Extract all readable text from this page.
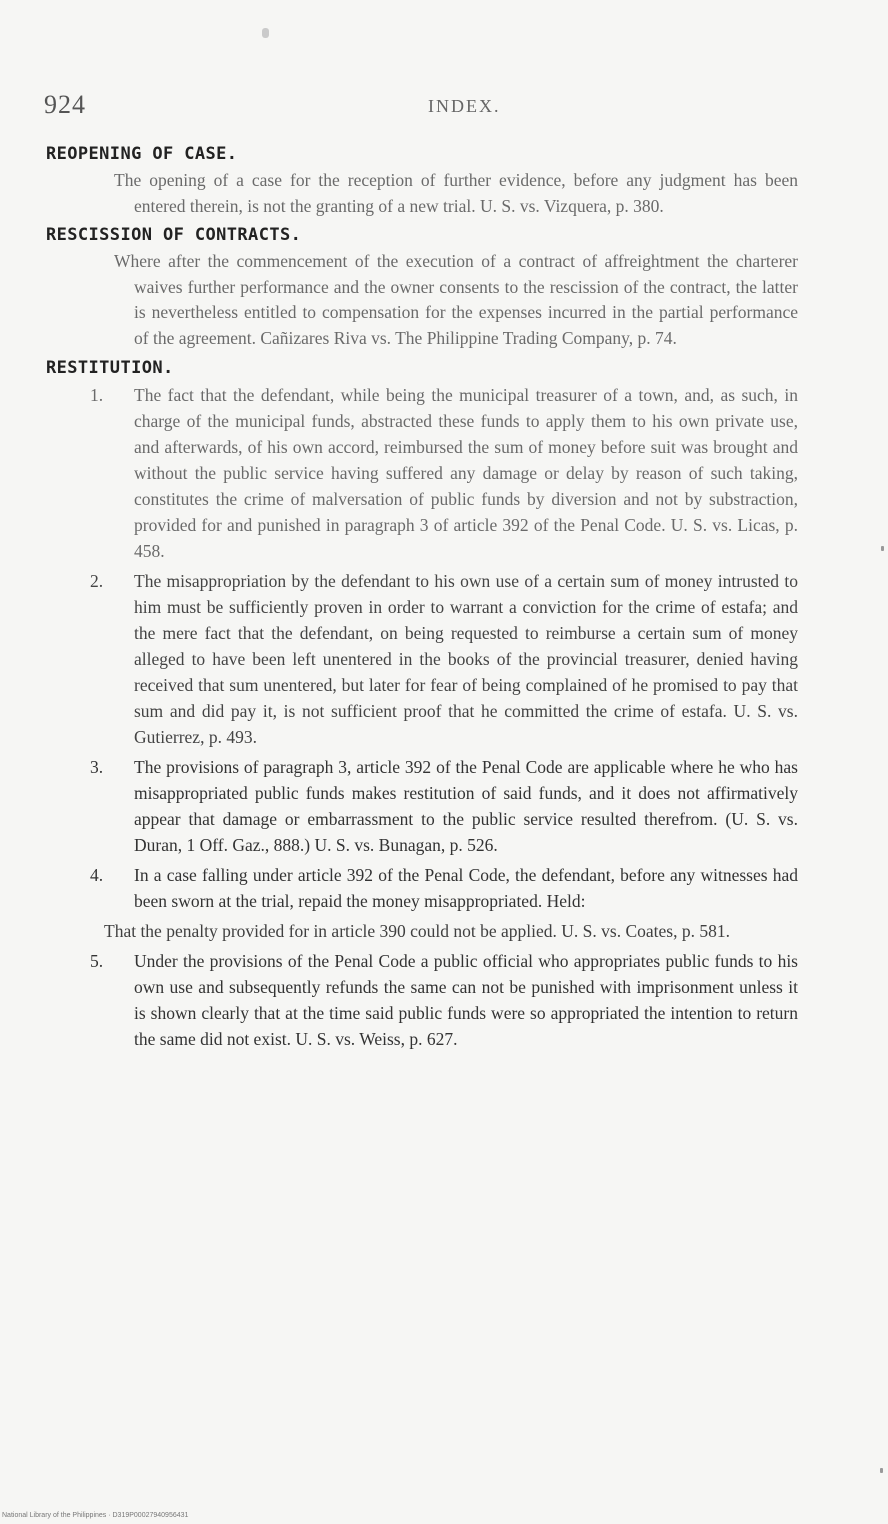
924	INDEX.
REOPENING OF CASE.

The opening of a case for the reception of further evidence, before any judgment has been entered therein, is not the granting of a new trial. U. S. vs. Vizquera, p. 380.

RESCISSION OF CONTRACTS.

Where after the commencement of the execution of a contract of affreightment the charterer waives further performance and the owner consents to the rescission of the contract, the latter is nevertheless entitled to compensation for the expenses incurred in the partial performance of the agreement. Cañizares Riva vs. The Philippine Trading Company, p. 74.

RESTITUTION.
1. The fact that the defendant, while being the municipal treasurer of a town, and, as such, in charge of the municipal funds, abstracted these funds to apply them to his own private use, and afterwards, of his own accord, reimbursed the sum of money before suit was brought and without the public service having suffered any damage or delay by reason of such taking, constitutes the crime of malversation of public funds by diversion and not by substraction, provided for and punished in paragraph 3 of article 392 of the Penal Code. U. S. vs. Licas, p. 458.
2. The misappropriation by the defendant to his own use of a certain sum of money intrusted to him must be sufficiently proven in order to warrant a conviction for the crime of estafa; and the mere fact that the defendant, on being requested to reimburse a certain sum of money alleged to have been left unentered in the books of the provincial treasurer, denied having received that sum unentered, but later for fear of being complained of he promised to pay that sum and did pay it, is not sufficient proof that he committed the crime of estafa. U. S. vs. Gutierrez, p. 493.
3. The provisions of paragraph 3, article 392 of the Penal Code are applicable where he who has misappropriated public funds makes restitution of said funds, and it does not affirmatively appear that damage or embarrassment to the public service resulted therefrom. (U. S. vs. Duran, 1 Off. Gaz., 888.) U. S. vs. Bunagan, p. 526.
4. In a case falling under article 392 of the Penal Code, the defendant, before any witnesses had been sworn at the trial, repaid the money misappropriated. Held:

That the penalty provided for in article 390 could not be applied. U. S. vs. Coates, p. 581.

5. Under the provisions of the Penal Code a public official who appropriates public funds to his own use and subsequently refunds the same can not be punished with imprisonment unless it is shown clearly that at the time said public funds were so appropriated the intention to return the same did not exist. U. S. vs. Weiss, p. 627.
National Library of the Philippines · D319P00027940956431
